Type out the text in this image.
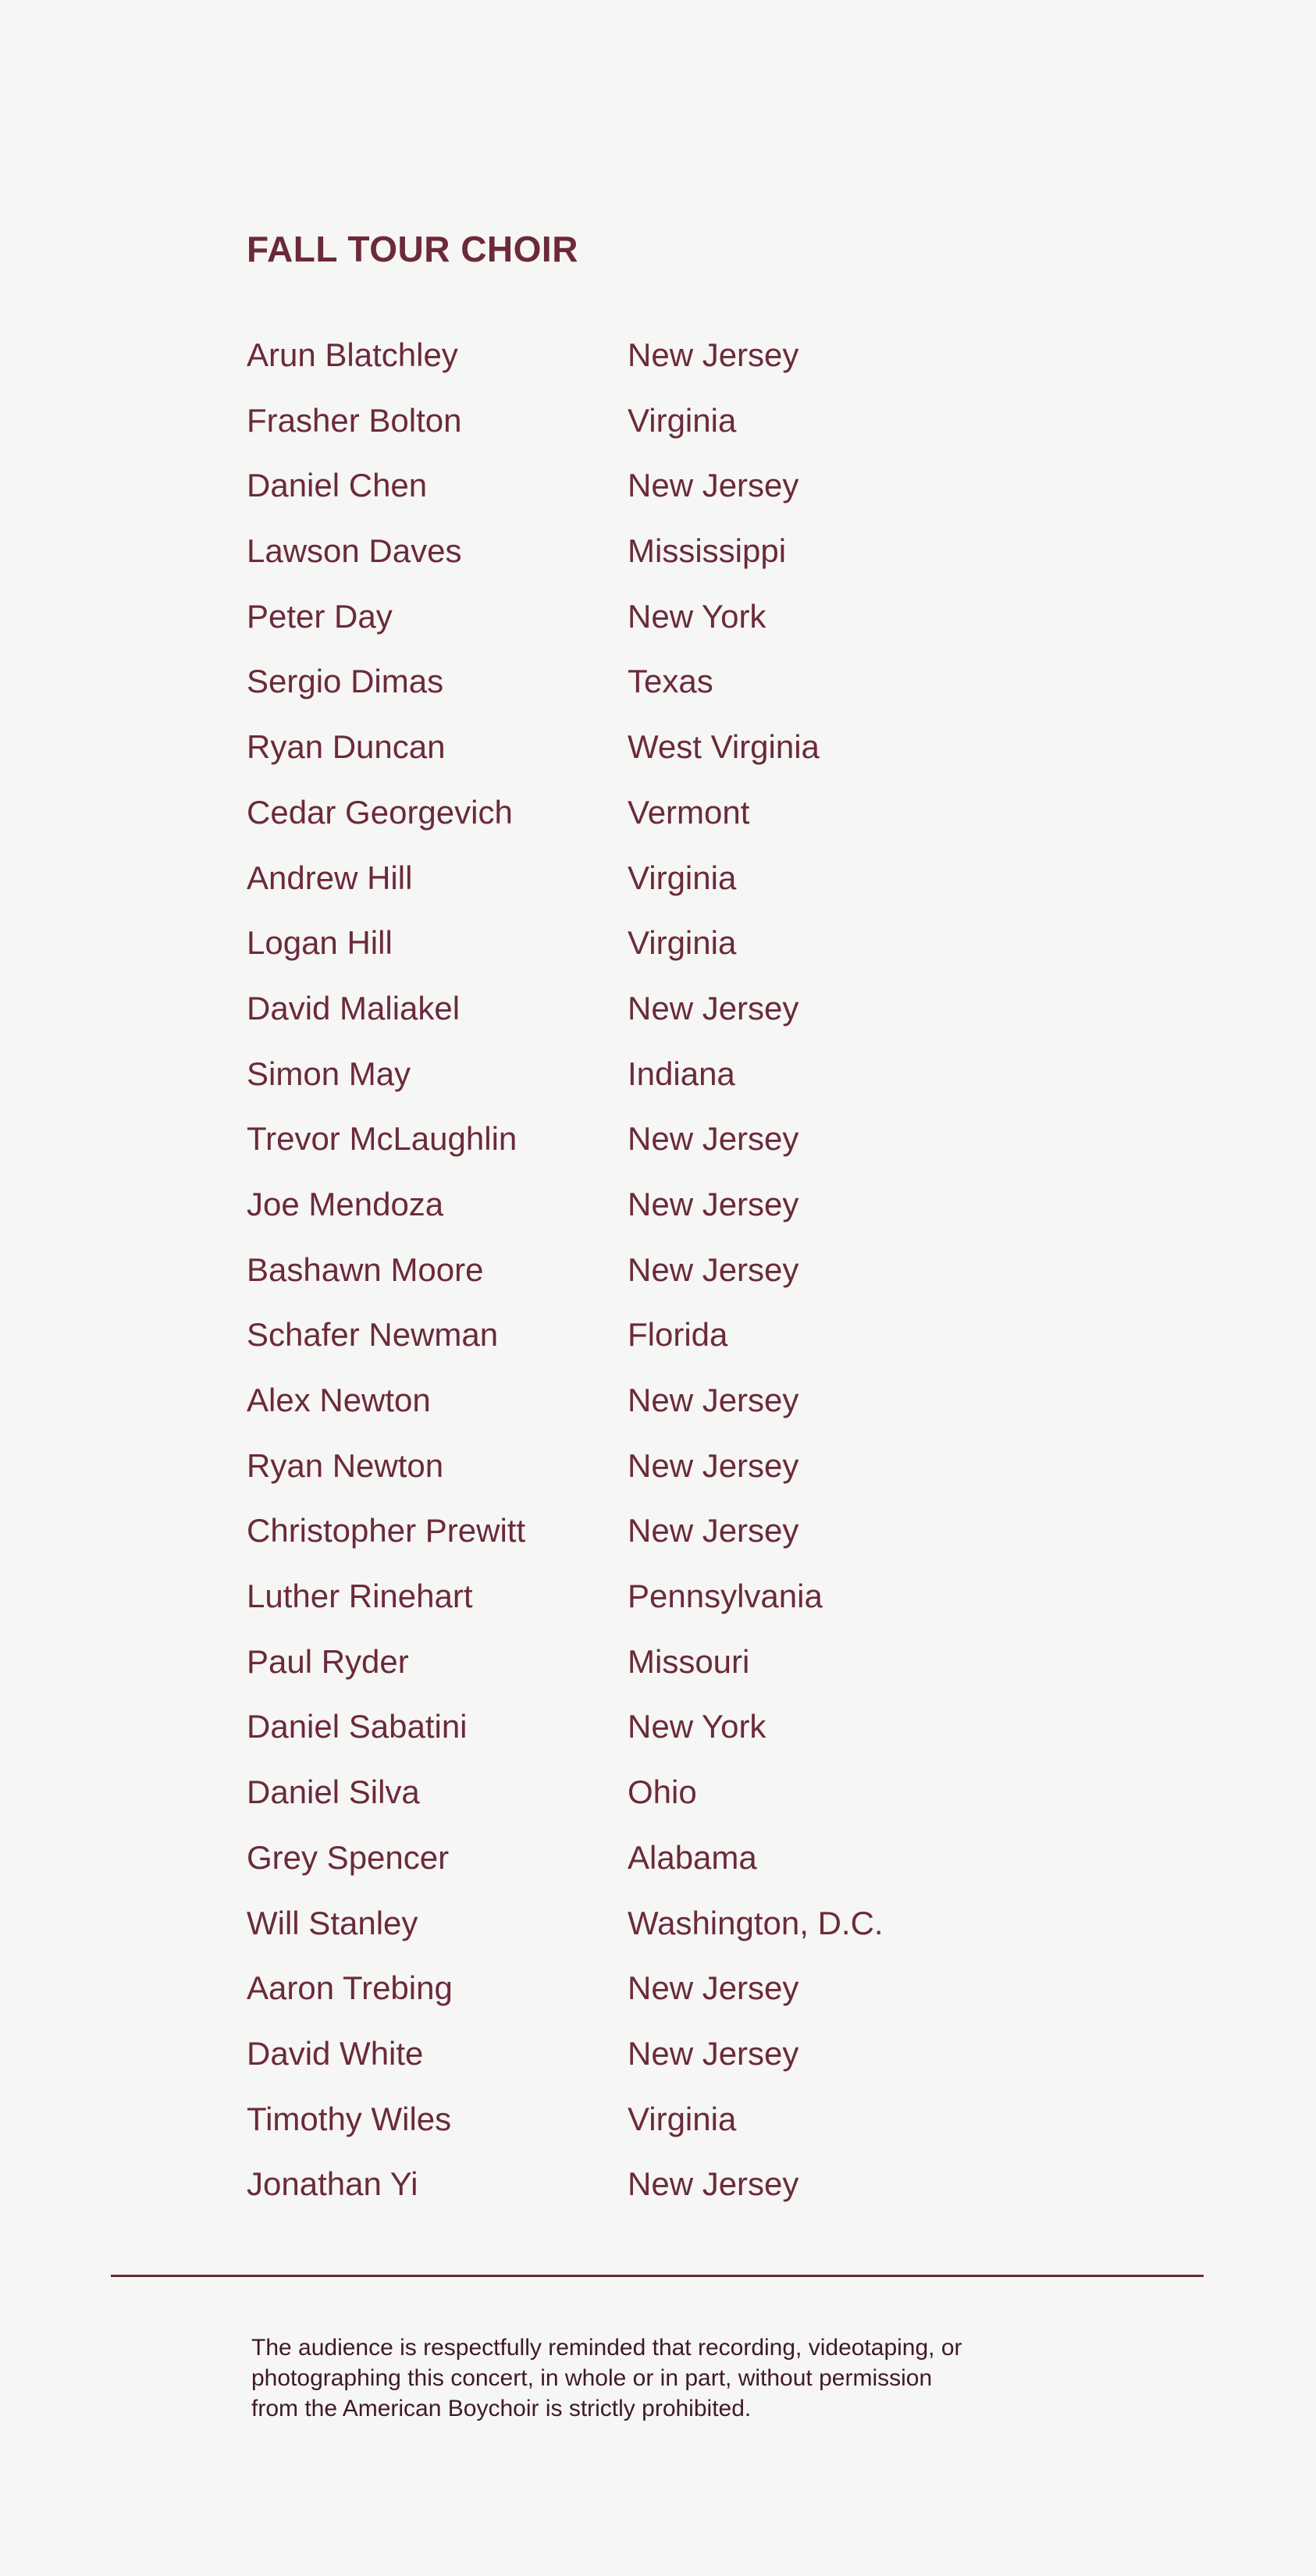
FALL TOUR CHOIR
Arun Blatchley	New Jersey
Frasher Bolton	Virginia
Daniel Chen	New Jersey
Lawson Daves	Mississippi
Peter Day	New York
Sergio Dimas	Texas
Ryan Duncan	West Virginia
Cedar Georgevich	Vermont
Andrew Hill	Virginia
Logan Hill	Virginia
David Maliakel	New Jersey
Simon May	Indiana
Trevor McLaughlin	New Jersey
Joe Mendoza	New Jersey
Bashawn Moore	New Jersey
Schafer Newman	Florida
Alex Newton	New Jersey
Ryan Newton	New Jersey
Christopher Prewitt	New Jersey
Luther Rinehart	Pennsylvania
Paul Ryder	Missouri
Daniel Sabatini	New York
Daniel Silva	Ohio
Grey Spencer	Alabama
Will Stanley	Washington, D.C.
Aaron Trebing	New Jersey
David White	New Jersey
Timothy Wiles	Virginia
Jonathan Yi	New Jersey

The audience is respectfully reminded that recording, videotaping, or
photographing this concert, in whole or in part, without permission
from the American Boychoir is strictly prohibited.
